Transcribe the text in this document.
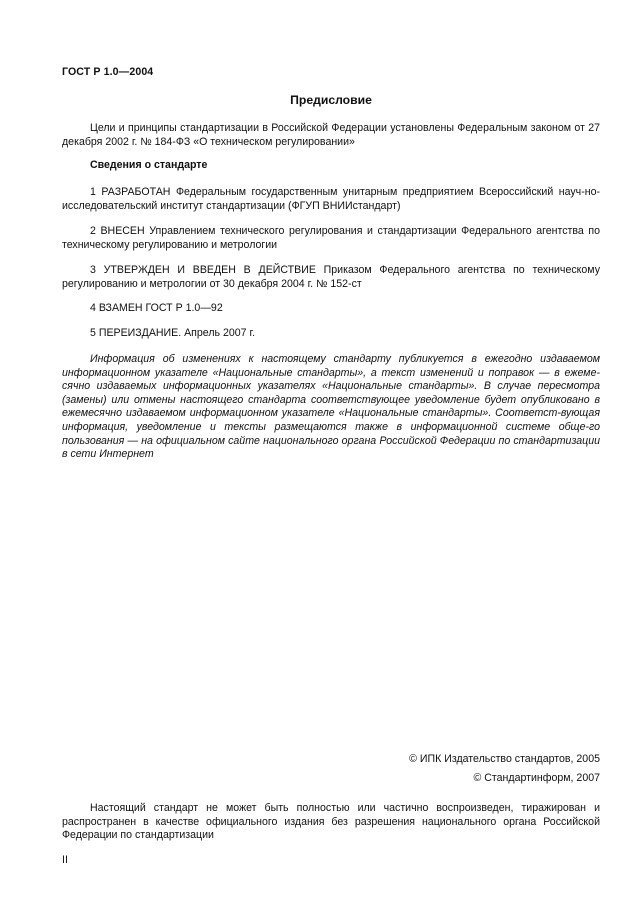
ГОСТ Р 1.0—2004
Предисловие

Цели и принципы стандартизации в Российской Федерации установлены Федеральным законом от 27 декабря 2002 г. № 184-ФЗ «О техническом регулировании»

Сведения о стандарте

1 РАЗРАБОТАН Федеральным государственным унитарным предприятием Всероссийский науч-но-исследовательский институт стандартизации (ФГУП ВНИИстандарт)

2 ВНЕСЕН Управлением технического регулирования и стандартизации Федерального агентства по техническому регулированию и метрологии

3 УТВЕРЖДЕН И ВВЕДЕН В ДЕЙСТВИЕ Приказом Федерального агентства по техническому регулированию и метрологии от 30 декабря 2004 г. № 152-ст

4 ВЗАМЕН ГОСТ Р 1.0—92

5 ПЕРЕИЗДАНИЕ. Апрель 2007 г.

Информация об изменениях к настоящему стандарту публикуется в ежегодно издаваемом информационном указателе «Национальные стандарты», а текст изменений и поправок — в ежеме-сячно издаваемых информационных указателях «Национальные стандарты». В случае пересмотра (замены) или отмены настоящего стандарта соответствующее уведомление будет опубликовано в ежемесячно издаваемом информационном указателе «Национальные стандарты». Соответст-вующая информация, уведомление и тексты размещаются также в информационной системе обще-го пользования — на официальном сайте национального органа Российской Федерации по стандартизации в сети Интернет

© ИПК Издательство стандартов, 2005
© Стандартинформ, 2007

Настоящий стандарт не может быть полностью или частично воспроизведен, тиражирован и распространен в качестве официального издания без разрешения национального органа Российской Федерации по стандартизации

II
